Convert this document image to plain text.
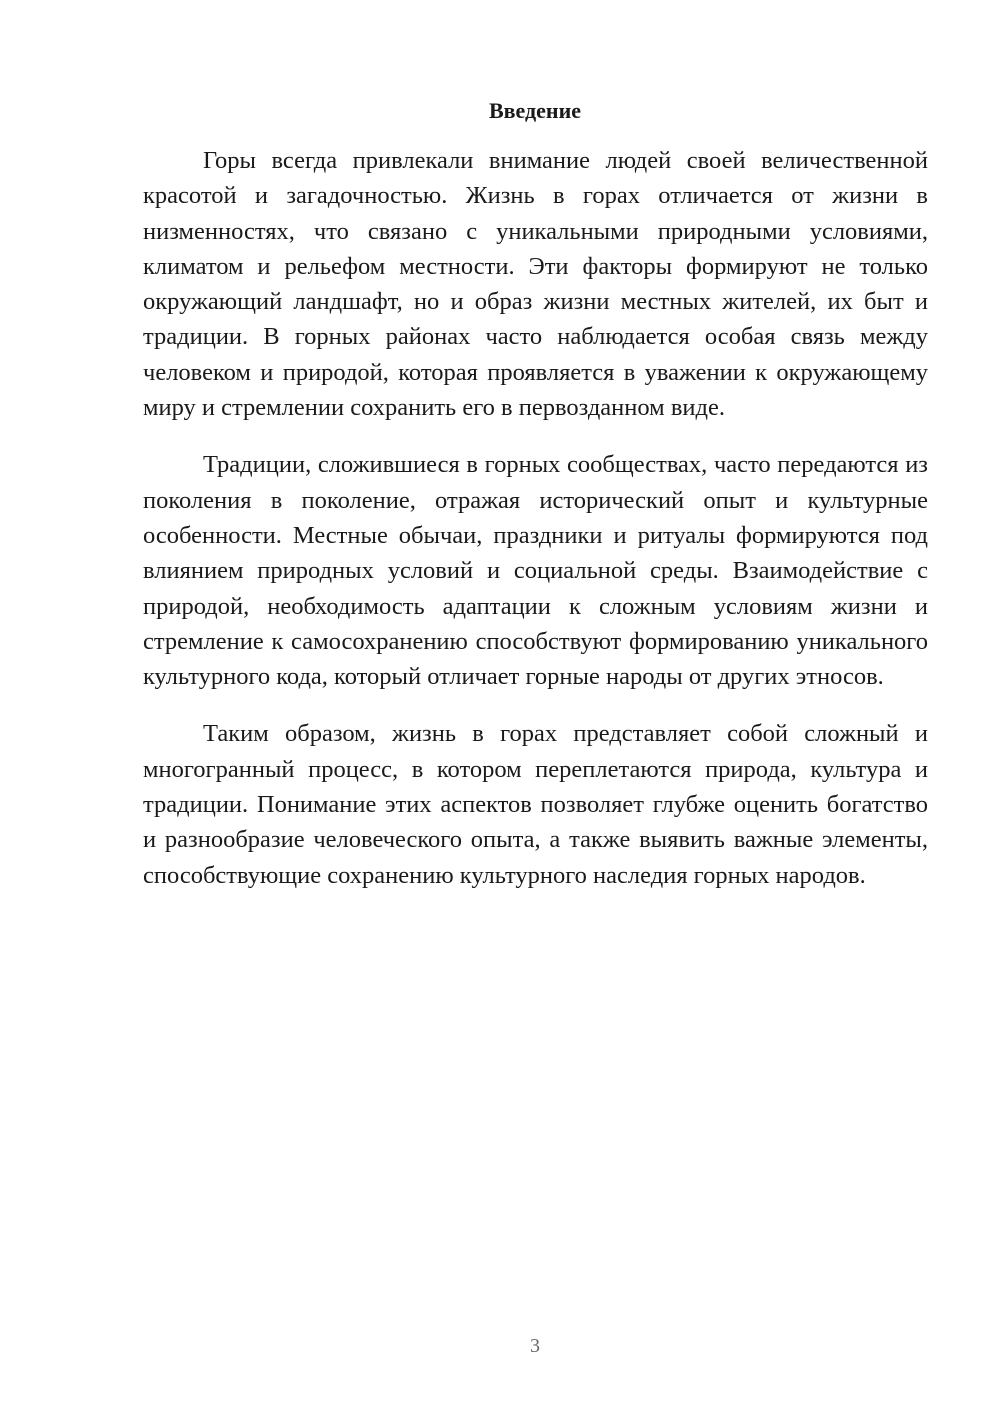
Введение

Горы всегда привлекали внимание людей своей величественной красотой и загадочностью. Жизнь в горах отличается от жизни в низменностях, что связано с уникальными природными условиями, климатом и рельефом местности. Эти факторы формируют не только окружающий ландшафт, но и образ жизни местных жителей, их быт и традиции. В горных районах часто наблюдается особая связь между человеком и природой, которая проявляется в уважении к окружающему миру и стремлении сохранить его в первозданном виде.

Традиции, сложившиеся в горных сообществах, часто передаются из поколения в поколение, отражая исторический опыт и культурные особенности. Местные обычаи, праздники и ритуалы формируются под влиянием природных условий и социальной среды. Взаимодействие с природой, необходимость адаптации к сложным условиям жизни и стремление к самосохранению способствуют формированию уникального культурного кода, который отличает горные народы от других этносов.

Таким образом, жизнь в горах представляет собой сложный и многогранный процесс, в котором переплетаются природа, культура и традиции. Понимание этих аспектов позволяет глубже оценить богатство и разнообразие человеческого опыта, а также выявить важные элементы, способствующие сохранению культурного наследия горных народов.

3
